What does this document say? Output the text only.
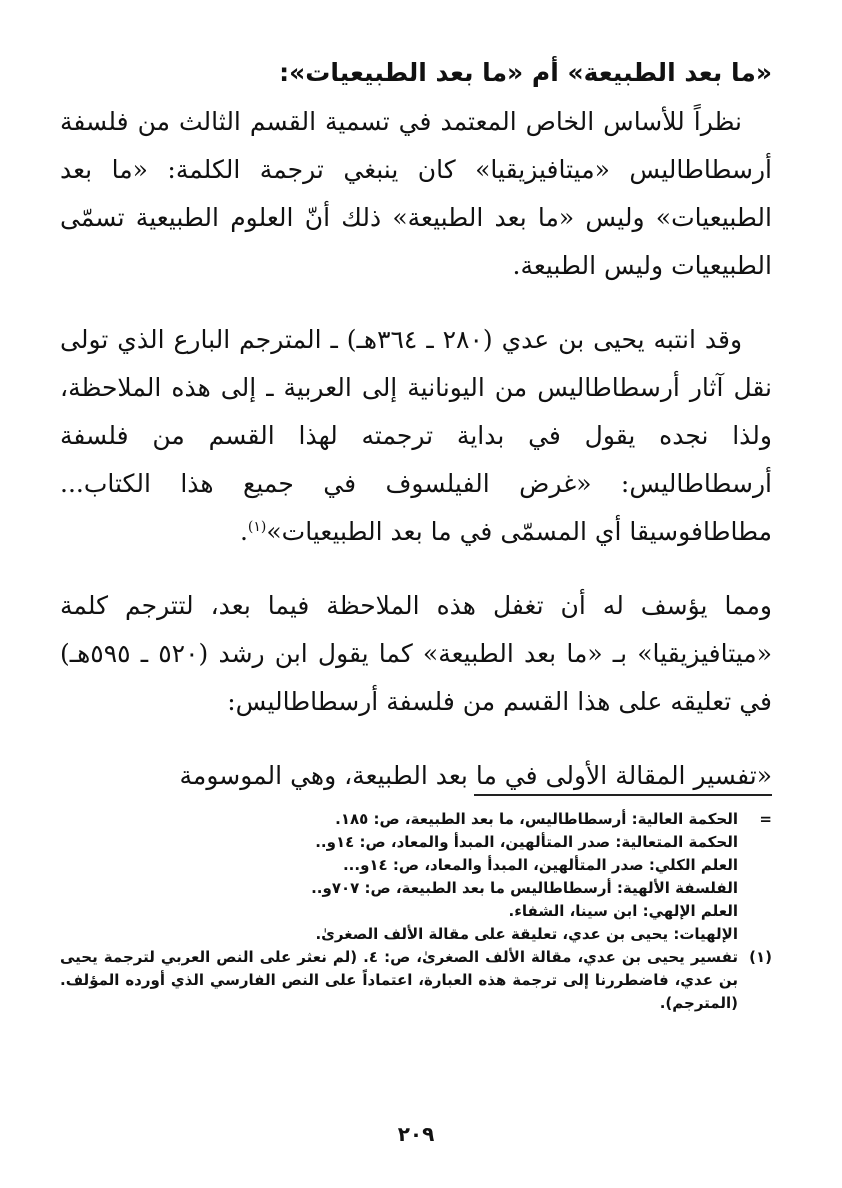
«ما بعد الطبيعة» أم «ما بعد الطبيعيات»:

نظراً للأساس الخاص المعتمد في تسمية القسم الثالث من فلسفة أرسطاطاليس «ميتافيزيقيا» كان ينبغي ترجمة الكلمة: «ما بعد الطبيعيات» وليس «ما بعد الطبيعة» ذلك أنّ العلوم الطبيعية تسمّى الطبيعيات وليس الطبيعة.

وقد انتبه يحيى بن عدي (٢٨٠ ـ ٣٦٤هـ) ـ المترجم البارع الذي تولى نقل آثار أرسطاطاليس من اليونانية إلى العربية ـ إلى هذه الملاحظة، ولذا نجده يقول في بداية ترجمته لهذا القسم من فلسفة أرسطاطاليس: «غرض الفيلسوف في جميع هذا الكتاب... مطاطافوسيقا أي المسمّى في ما بعد الطبيعيات»$^{(١)}$.

ومما يؤسف له أن تغفل هذه الملاحظة فيما بعد، لتترجم كلمة «ميتافيزيقيا» بـ «ما بعد الطبيعة» كما يقول ابن رشد (٥٢٠ ـ ٥٩٥هـ) في تعليقه على هذا القسم من فلسفة أرسطاطاليس:

«تفسير المقالة الأولى في ما بعد الطبيعة، وهي الموسومة

=

الحكمة العالية: أرسطاطاليس، ما بعد الطبيعة، ص: ١٨٥.

الحكمة المتعالية: صدر المتألهين، المبدأ والمعاد، ص: ١٤و..

العلم الكلي: صدر المتألهين، المبدأ والمعاد، ص: ١٤و...

الفلسفة الألهية: أرسطاطاليس ما بعد الطبيعة، ص: ٧٠٧و..

العلم الإلهي: ابن سينا، الشفاء.

الإلهيات: يحيى بن عدي، تعليقة على مقالة الألف الصغرىٰ.

(١)

تفسير يحيى بن عدي، مقالة الألف الصغرىٰ، ص: ٤. (لم نعثر على النص العربي لترجمة يحيى بن عدي، فاضطررنا إلى ترجمة هذه العبارة، اعتماداً على النص الفارسي الذي أورده المؤلف. (المترجم).

٢٠٩
